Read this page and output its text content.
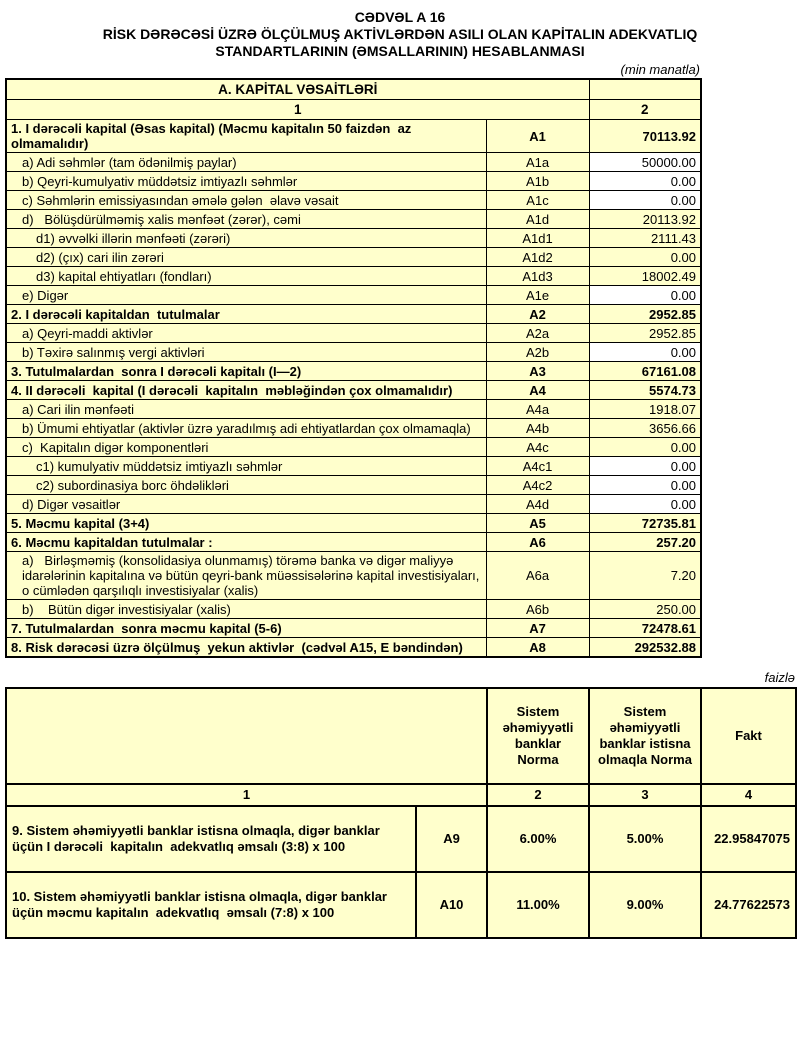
CƏDVƏL A 16
RİSK DƏRƏCƏSİ ÜZRƏ ÖLÇÜLMUŞ AKTİVLƏRDƏN ASILI OLAN KAPİTALIN ADEKVATLIQ
STANDARTLARININ (ƏMSALLARININ) HESABLANMASI
(min manatla)
A. KAPİTAL VƏSAİTLƏRİ		
1		2
1. I dərəcəli kapital (Əsas kapital) (Məcmu kapitalın 50 faizdən  az olmamalıdır)	A1	70113.92
a) Adi səhmlər (tam ödənilmiş paylar)	A1a	50000.00
b) Qeyri-kumulyativ müddətsiz imtiyazlı səhmlər	A1b	0.00
c) Səhmlərin emissiyasından əmələ gələn  əlavə vəsait	A1c	0.00
d)   Bölüşdürülməmiş xalis mənfəət (zərər), cəmi	A1d	20113.92
d1) əvvəlki illərin mənfəəti (zərəri)	A1d1	2111.43
d2) (çıx) cari ilin zərəri	A1d2	0.00
d3) kapital ehtiyatları (fondları)	A1d3	18002.49
e) Digər	A1e	0.00
2. I dərəcəli kapitaldan  tutulmalar	A2	2952.85
a) Qeyri-maddi aktivlər	A2a	2952.85
b) Təxirə salınmış vergi aktivləri	A2b	0.00
3. Tutulmalardan  sonra I dərəcəli kapitalı (I—2)	A3	67161.08
4. II dərəcəli  kapital (I dərəcəli  kapitalın  məbləğindən çox olmamalıdır)	A4	5574.73
a) Cari ilin mənfəəti	A4a	1918.07
b) Ümumi ehtiyatlar (aktivlər üzrə yaradılmış adi ehtiyatlardan çox olmamaqla)	A4b	3656.66
c)  Kapitalın digər komponentləri	A4c	0.00
c1) kumulyativ müddətsiz imtiyazlı səhmlər	A4c1	0.00
c2) subordinasiya borc öhdəlikləri	A4c2	0.00
d) Digər vəsaitlər	A4d	0.00
5. Məcmu kapital (3+4)	A5	72735.81
6. Məcmu kapitaldan tutulmalar :	A6	257.20
a)   Birləşməmiş (konsolidasiya olunmamış) törəmə banka və digər maliyyə idarələrinin kapitalına və bütün qeyri-bank müəssisələrinə kapital investisiyaları, o cümlədən qarşılıqlı investisiyalar (xalis)	A6a	7.20
b)    Bütün digər investisiyalar (xalis)	A6b	250.00
7. Tutulmalardan  sonra məcmu kapital (5-6)	A7	72478.61
8. Risk dərəcəsi üzrə ölçülmuş  yekun aktivlər  (cədvəl A15, E bəndindən)	A8	292532.88
faizlə
		Sistem əhəmiyyətli banklar Norma	Sistem əhəmiyyətli banklar istisna olmaqla Norma	Fakt
1		2	3	4
9. Sistem əhəmiyyətli banklar istisna olmaqla, digər banklar üçün I dərəcəli  kapitalın  adekvatlıq əmsalı (3:8) x 100	A9	6.00%	5.00%	22.95847075
10. Sistem əhəmiyyətli banklar istisna olmaqla, digər banklar üçün məcmu kapitalın  adekvatlıq  əmsalı (7:8) x 100	A10	11.00%	9.00%	24.77622573
